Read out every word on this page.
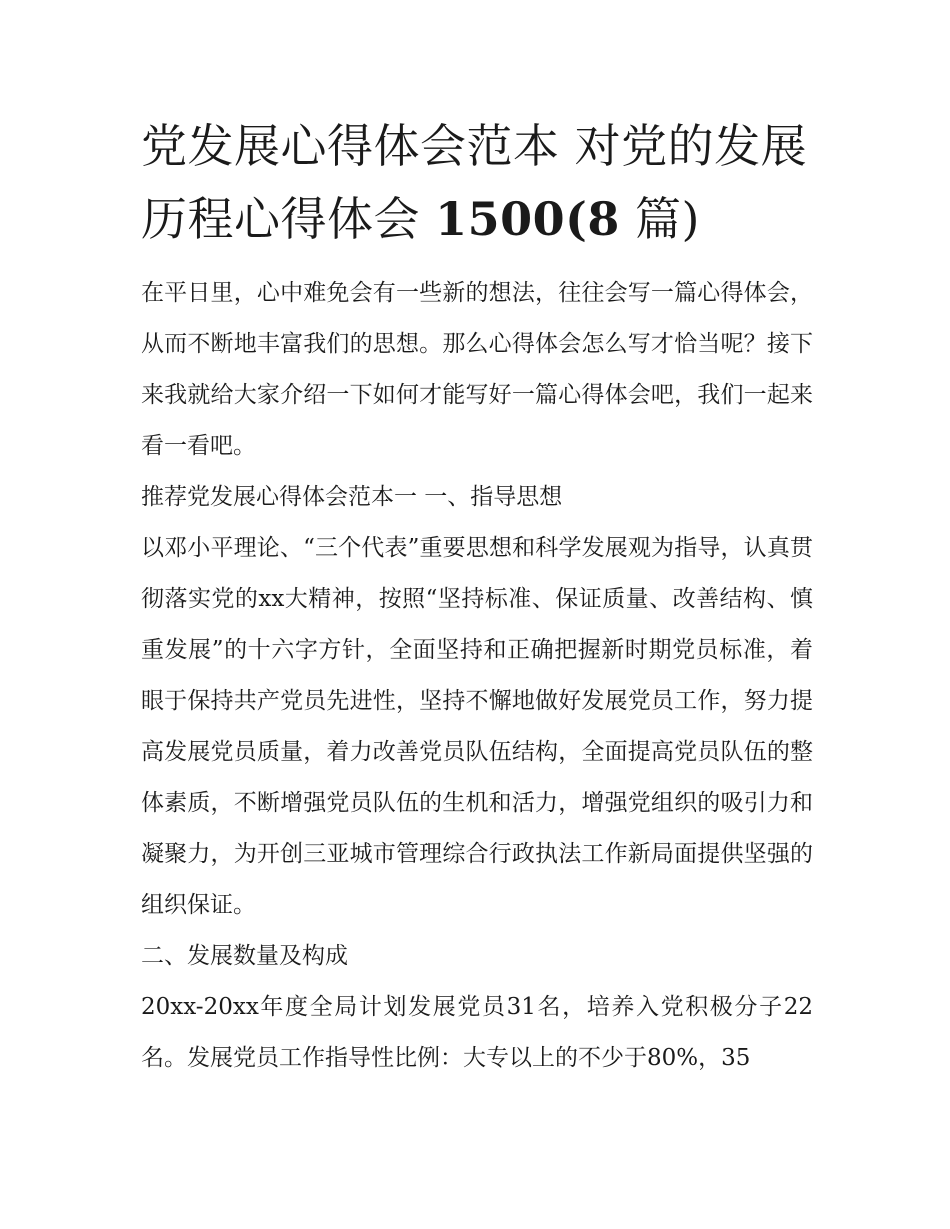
党发展心得体会范本 对党的发展历程心得体会 1500(8 篇)

在平日里，心中难免会有一些新的想法，往往会写一篇心得体会，从而不断地丰富我们的思想。那么心得体会怎么写才恰当呢？接下来我就给大家介绍一下如何才能写好一篇心得体会吧，我们一起来看一看吧。

推荐党发展心得体会范本一 一、指导思想

以邓小平理论、“三个代表”重要思想和科学发展观为指导，认真贯彻落实党的xx大精神，按照“坚持标准、保证质量、改善结构、慎重发展”的十六字方针，全面坚持和正确把握新时期党员标准，着眼于保持共产党员先进性，坚持不懈地做好发展党员工作，努力提高发展党员质量，着力改善党员队伍结构，全面提高党员队伍的整体素质，不断增强党员队伍的生机和活力，增强党组织的吸引力和凝聚力，为开创三亚城市管理综合行政执法工作新局面提供坚强的组织保证。

二、发展数量及构成

20xx-20xx年度全局计划发展党员31名，培养入党积极分子22名。发展党员工作指导性比例：大专以上的不少于80%，35
